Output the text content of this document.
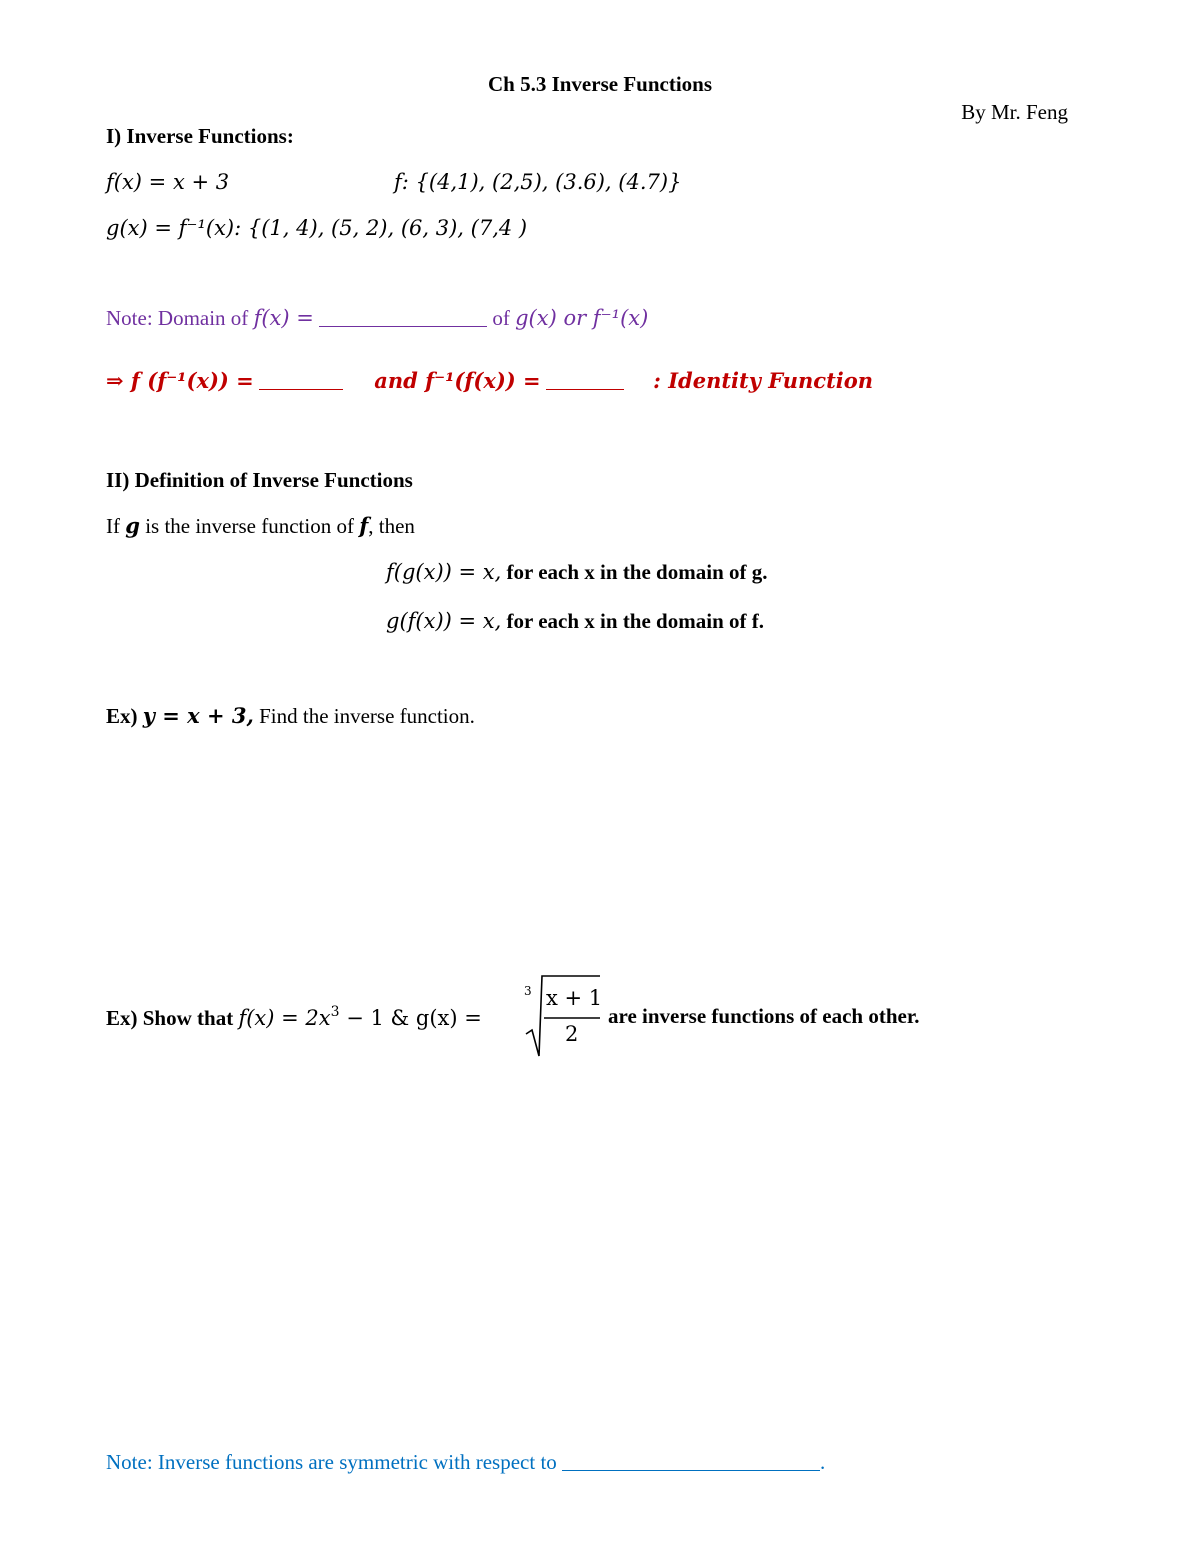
Ch 5.3 Inverse Functions
By Mr. Feng
I) Inverse Functions:
f(x) = x + 3	f: {(4,1), (2,5), (3.6), (4.7)}
g(x) = f⁻¹(x): {(1, 4), (5, 2), (6, 3), (7,4 )
Note: Domain of f(x) =	of g(x) or f⁻¹(x)
⇒ f (f⁻¹(x)) =	and f⁻¹(f(x)) =	: Identity Function
II) Definition of Inverse Functions
If g is the inverse function of f, then
f(g(x)) = x, for each x in the domain of g.
g(f(x)) = x, for each x in the domain of f.
Ex) y = x + 3, Find the inverse function.
Ex) Show that $f(x) = 2x^3 - 1$ & g(x) =
3 x + 1
2
are inverse functions of each other.
Note: Inverse functions are symmetric with respect to	.
